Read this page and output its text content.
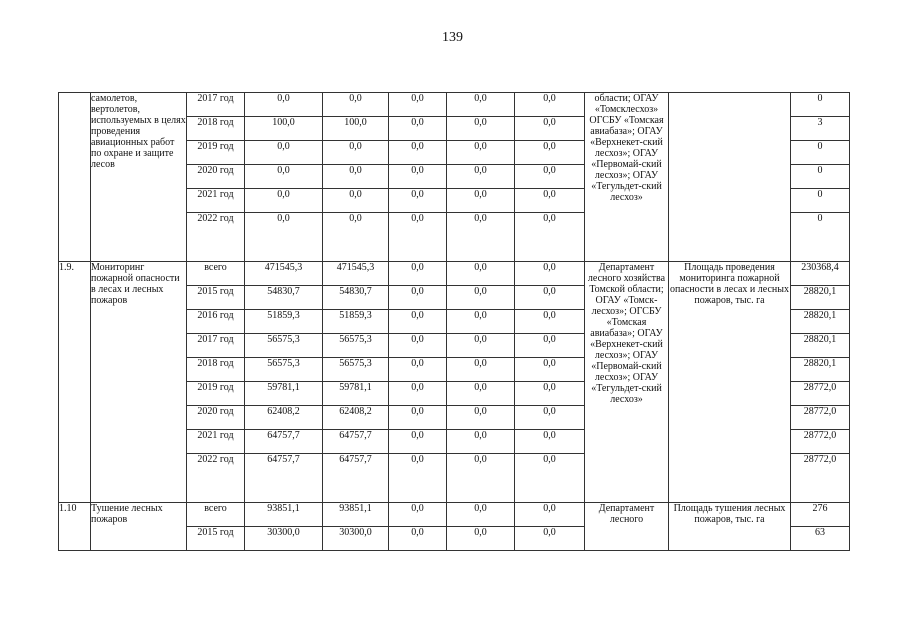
139
	самолетов, вертолетов, используемых в целях проведения авиационных работ по охране и защите лесов	2017 год	0,0	0,0	0,0	0,0	0,0	области; ОГАУ «Томсклесхоз» ОГСБУ «Томская авиабаза»; ОГАУ «Верхнекет-ский лесхоз»; ОГАУ «Первомай-ский лесхоз»; ОГАУ «Тегульдет-ский лесхоз»		0
		2018 год	100,0	100,0	0,0	0,0	0,0			3
		2019 год	0,0	0,0	0,0	0,0	0,0			0
		2020 год	0,0	0,0	0,0	0,0	0,0			0
		2021 год	0,0	0,0	0,0	0,0	0,0			0
		2022 год	0,0	0,0	0,0	0,0	0,0			0
1.9.	Мониторинг пожарной опасности в лесах и лесных пожаров	всего	471545,3	471545,3	0,0	0,0	0,0	Департамент лесного хозяйства Томской области; ОГАУ «Томск-лесхоз»; ОГСБУ «Томская авиабаза»; ОГАУ «Верхнекет-ский лесхоз»; ОГАУ «Первомай-ский лесхоз»; ОГАУ «Тегульдет-ский лесхоз»	Площадь проведения мониторинга пожарной опасности в лесах и лесных пожаров, тыс. га	230368,4
		2015 год	54830,7	54830,7	0,0	0,0	0,0			28820,1
		2016 год	51859,3	51859,3	0,0	0,0	0,0			28820,1
		2017 год	56575,3	56575,3	0,0	0,0	0,0			28820,1
		2018 год	56575,3	56575,3	0,0	0,0	0,0			28820,1
		2019 год	59781,1	59781,1	0,0	0,0	0,0			28772,0
		2020 год	62408,2	62408,2	0,0	0,0	0,0			28772,0
		2021 год	64757,7	64757,7	0,0	0,0	0,0			28772,0
		2022 год	64757,7	64757,7	0,0	0,0	0,0			28772,0
1.10	Тушение лесных пожаров	всего	93851,1	93851,1	0,0	0,0	0,0	Департамент лесного	Площадь тушения лесных пожаров, тыс. га	276
		2015 год	30300,0	30300,0	0,0	0,0	0,0			63
